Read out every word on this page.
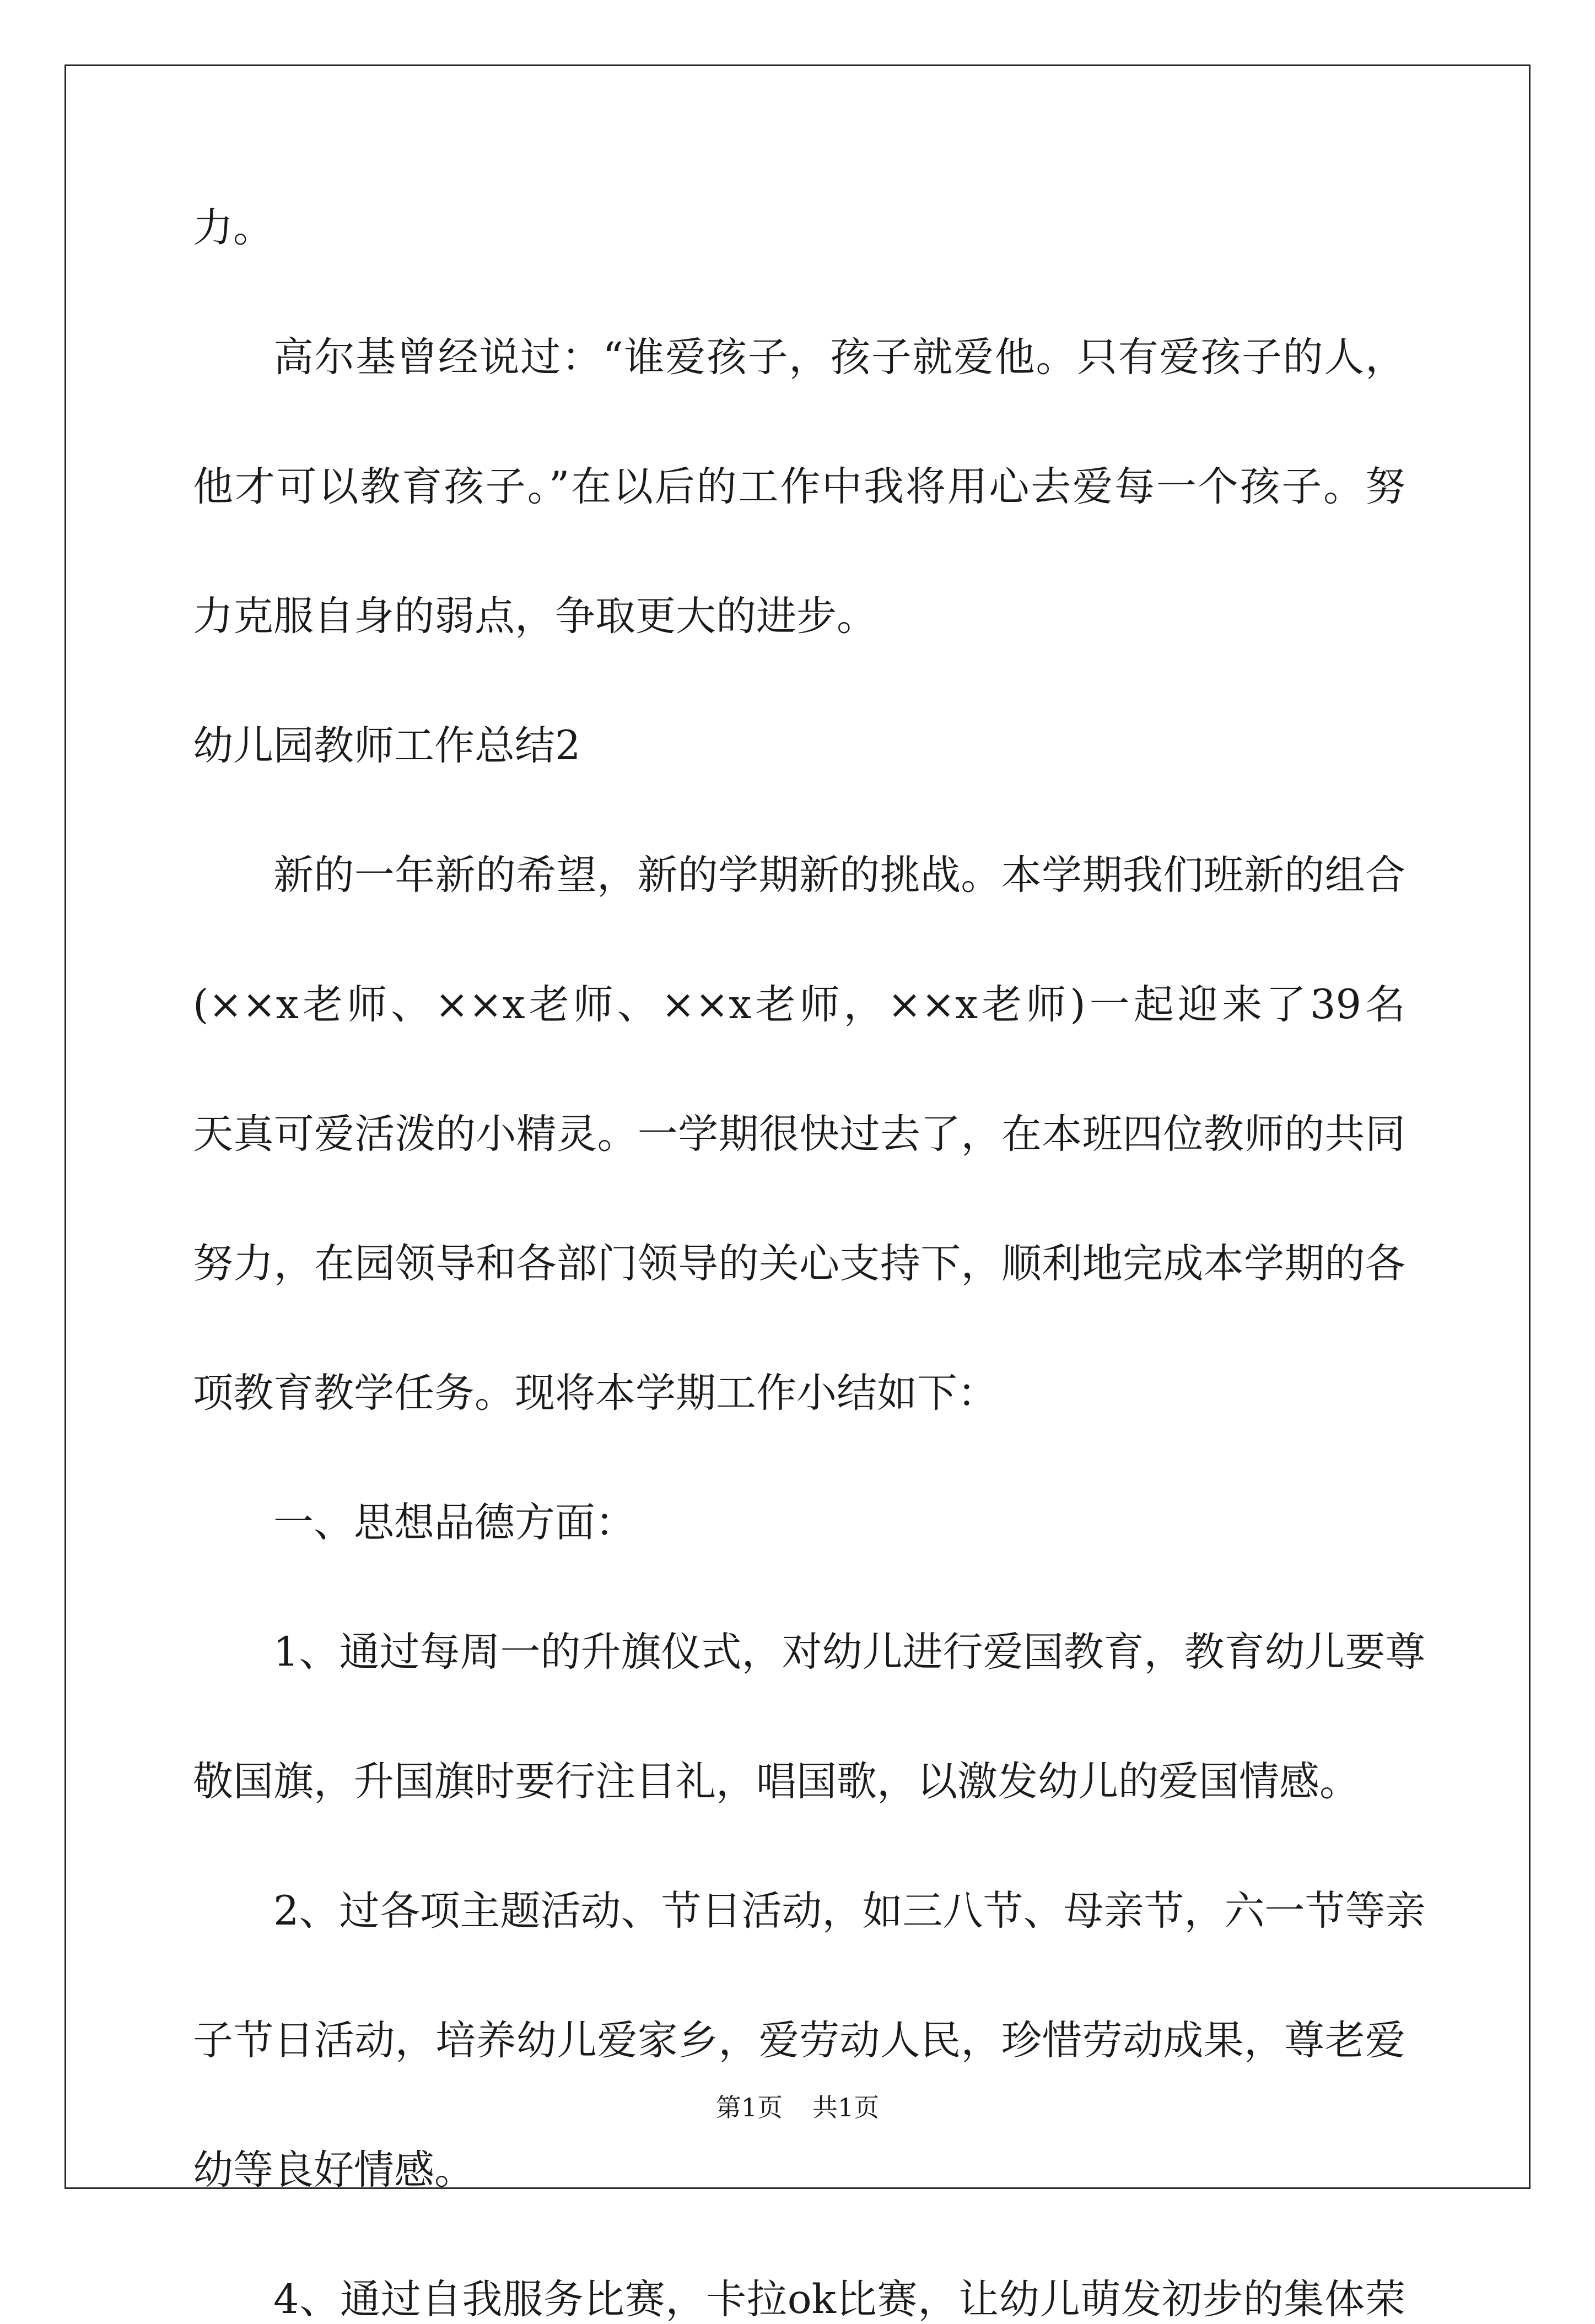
力。
高尔基曾经说过：“谁爱孩子，孩子就爱他。只有爱孩子的人，
他才可以教育孩子。”在以后的工作中我将用心去爱每一个孩子。努
力克服自身的弱点，争取更大的进步。
幼儿园教师工作总结2
新的一年新的希望，新的学期新的挑战。本学期我们班新的组合
(××x老师、××x老师、××x老师，××x老师)一起迎来了39名
天真可爱活泼的小精灵。一学期很快过去了，在本班四位教师的共同
努力，在园领导和各部门领导的关心支持下，顺利地完成本学期的各
项教育教学任务。现将本学期工作小结如下：
一、思想品德方面：
1、通过每周一的升旗仪式，对幼儿进行爱国教育，教育幼儿要尊
敬国旗，升国旗时要行注目礼，唱国歌，以激发幼儿的爱国情感。
2、过各项主题活动、节日活动，如三八节、母亲节，六一节等亲
子节日活动，培养幼儿爱家乡，爱劳动人民，珍惜劳动成果，尊老爱
幼等良好情感。
4、通过自我服务比赛，卡拉ok比赛，让幼儿萌发初步的集体荣
第1页 共1页
